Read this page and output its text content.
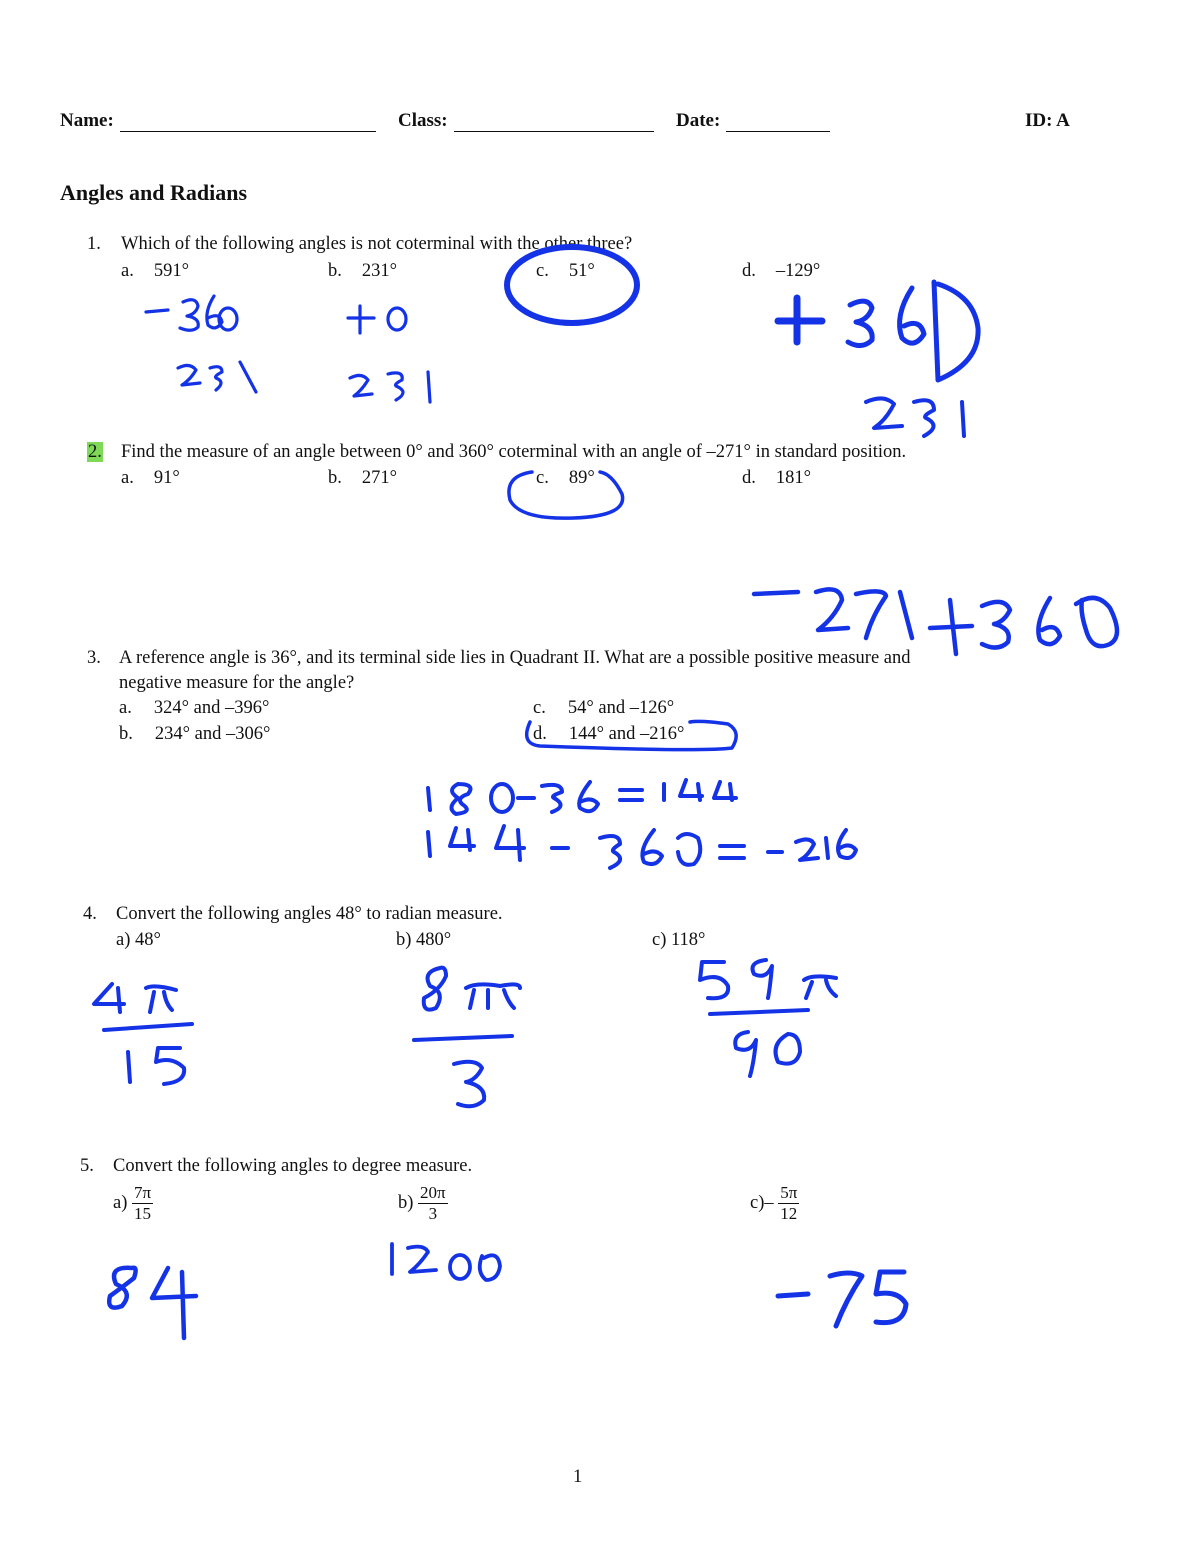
Name:	Class:	Date:	ID: A
Angles and Radians
1. Which of the following angles is not coterminal with the other three?
a. 591°	b. 231°	c. 51°	d. –129°
2. Find the measure of an angle between 0° and 360° coterminal with an angle of –271° in standard position.
a. 91°	b. 271°	c. 89°	d. 181°
3. A reference angle is 36°, and its terminal side lies in Quadrant II. What are a possible positive measure and
negative measure for the angle?
a. 324° and –396°
b. 234° and –306°
c. 54° and –126°
d. 144° and –216°
4. Convert the following angles 48° to radian measure.
a) 48°	b) 480°	c) 118°
5. Convert the following angles to degree measure.
$a) \frac{7\pi}{15}$	$b) \frac{20\pi}{3}$	$c)- \frac{5\pi}{12}$
1
